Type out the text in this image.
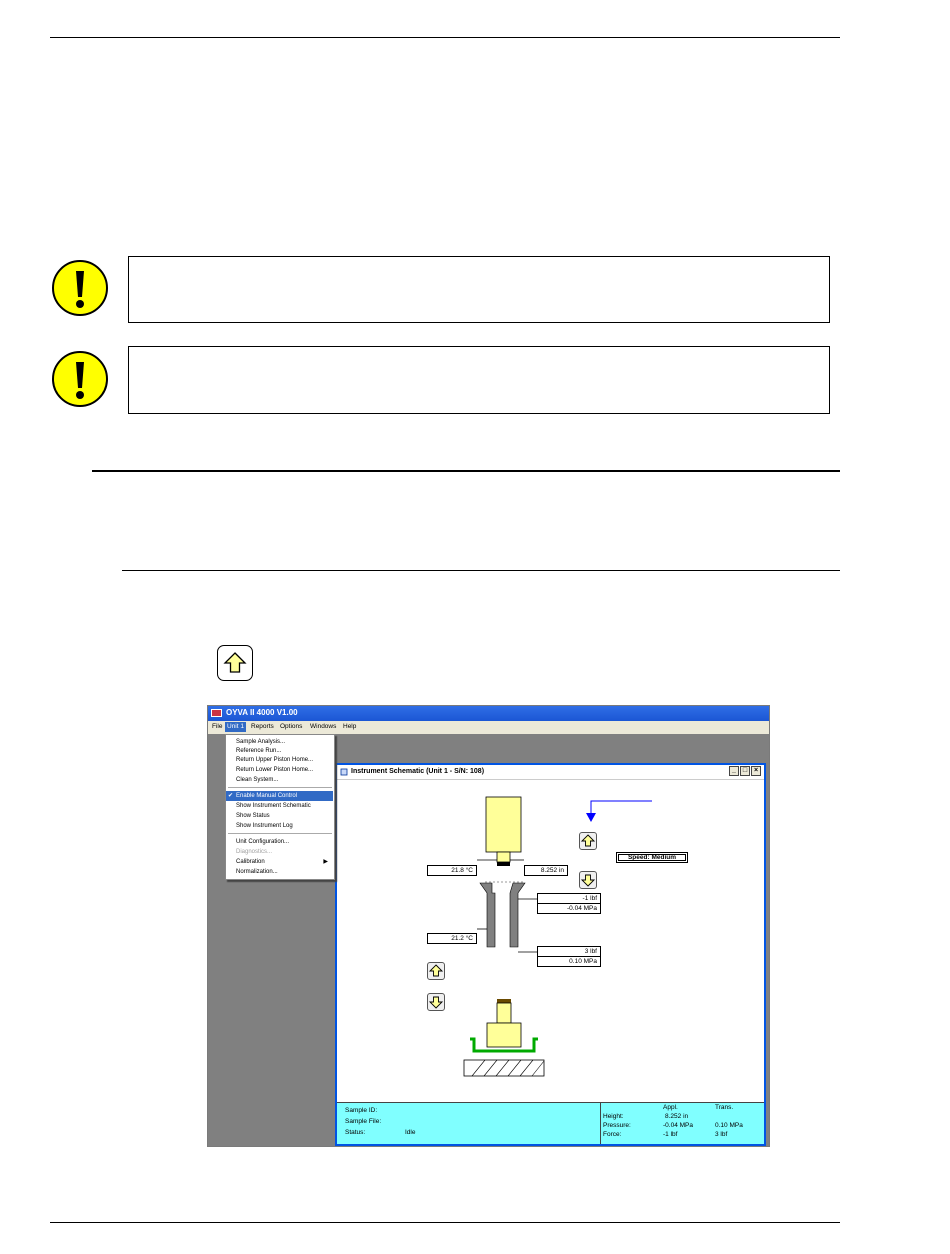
OYVA II 4000 V1.00
File Unit 1	Reports Options Windows Help
Instrument Schematic (Unit 1 - S/N: 108)	_ □ ×
21.8 °C	8.252 in
Speed: Medium
-1 lbf
-0.04 MPa
21.2 °C
3 lbf
0.10 MPa
Sample ID:
Sample File:
Status:	Idle
Appl.	Trans.
Height:	8.252 in
Pressure:	-0.04 MPa	0.10 MPa
Force:	-1 lbf	3 lbf
Sample Analysis...
Reference Run...
Return Upper Piston Home...
Return Lower Piston Home...
Clean System...
✔ Enable Manual Control
Show Instrument Schematic
Show Status
Show Instrument Log
Unit Configuration...
Diagnostics...
Calibration	▶
Normalization...
